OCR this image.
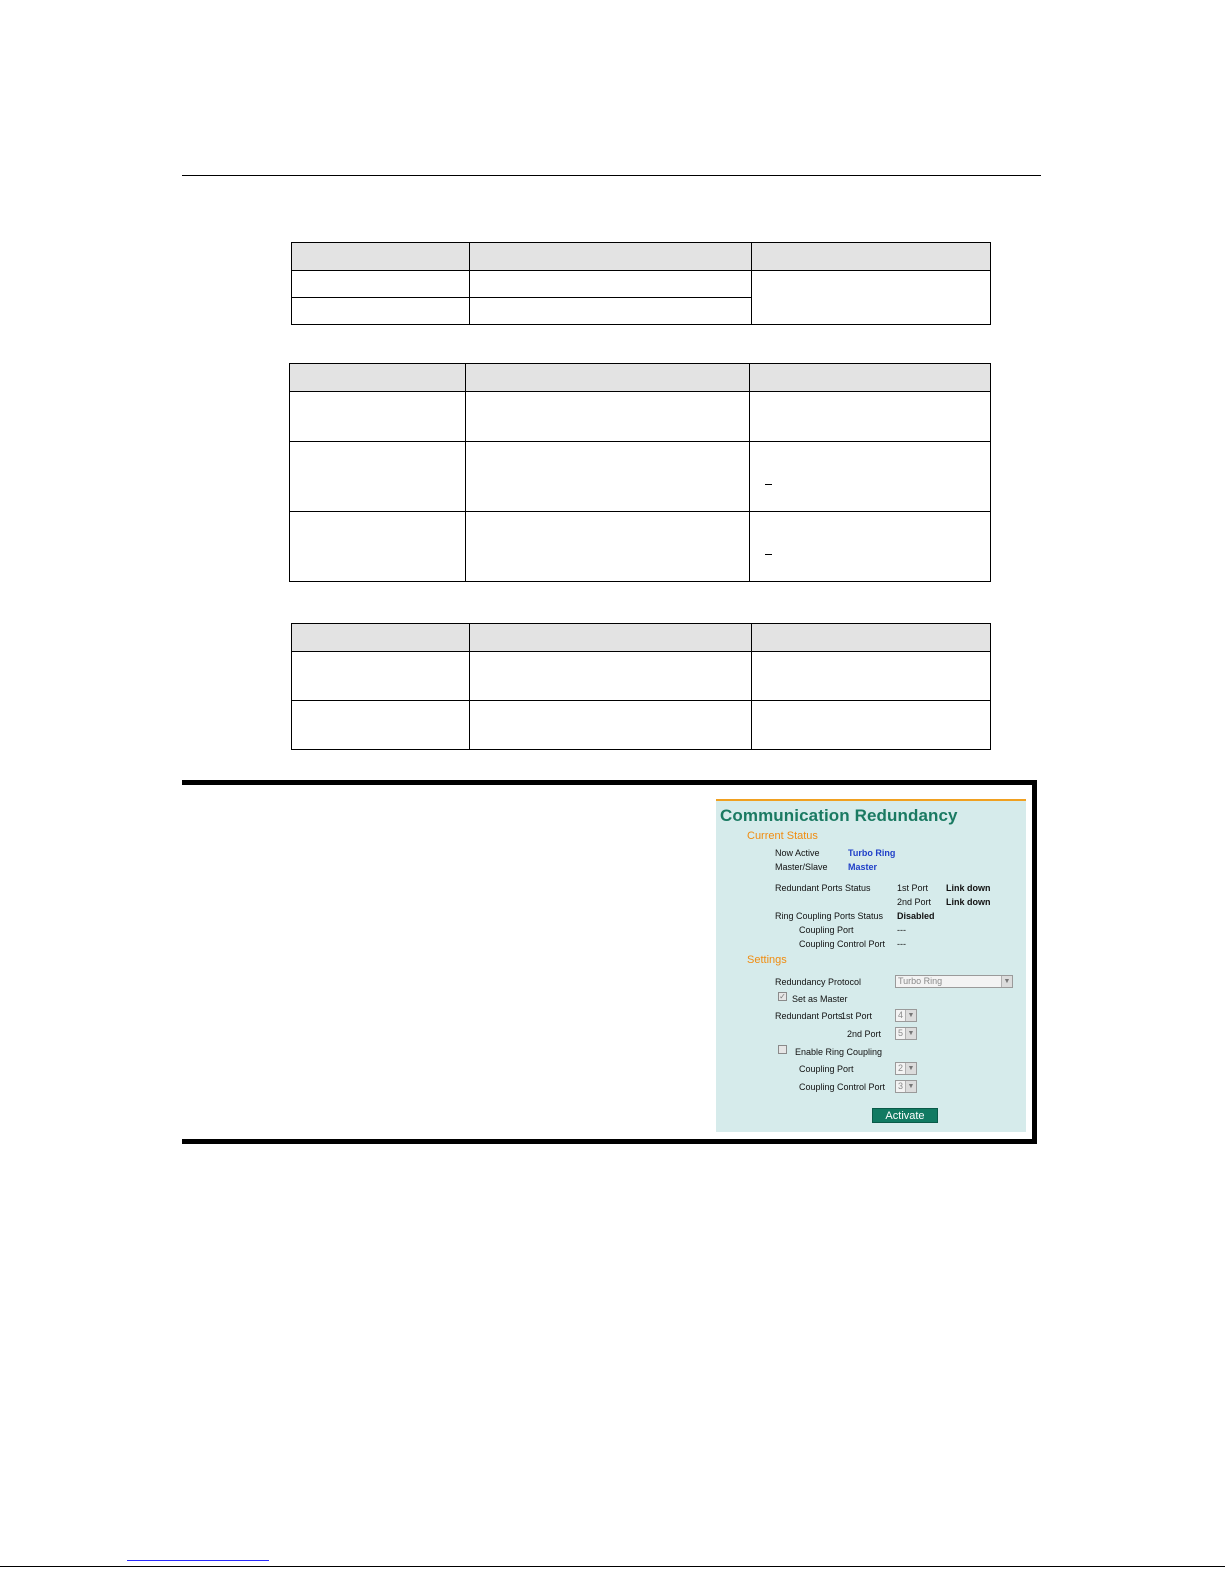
Communication Redundancy
Current Status
Now Active	Turbo Ring
Master/Slave Master
Redundant Ports Status	1st Port Link down
2nd Port Link down
Ring Coupling Ports Status Disabled
Coupling Port	---
Coupling Control Port ---
Settings
Redundancy Protocol	Turbo Ring	▼
✓ Set as Master
Redundant Ports
1st Port	4 ▼
2nd Port	5 ▼
Enable Ring Coupling
Coupling Port	2 ▼
Coupling Control Port	3 ▼
Activate
